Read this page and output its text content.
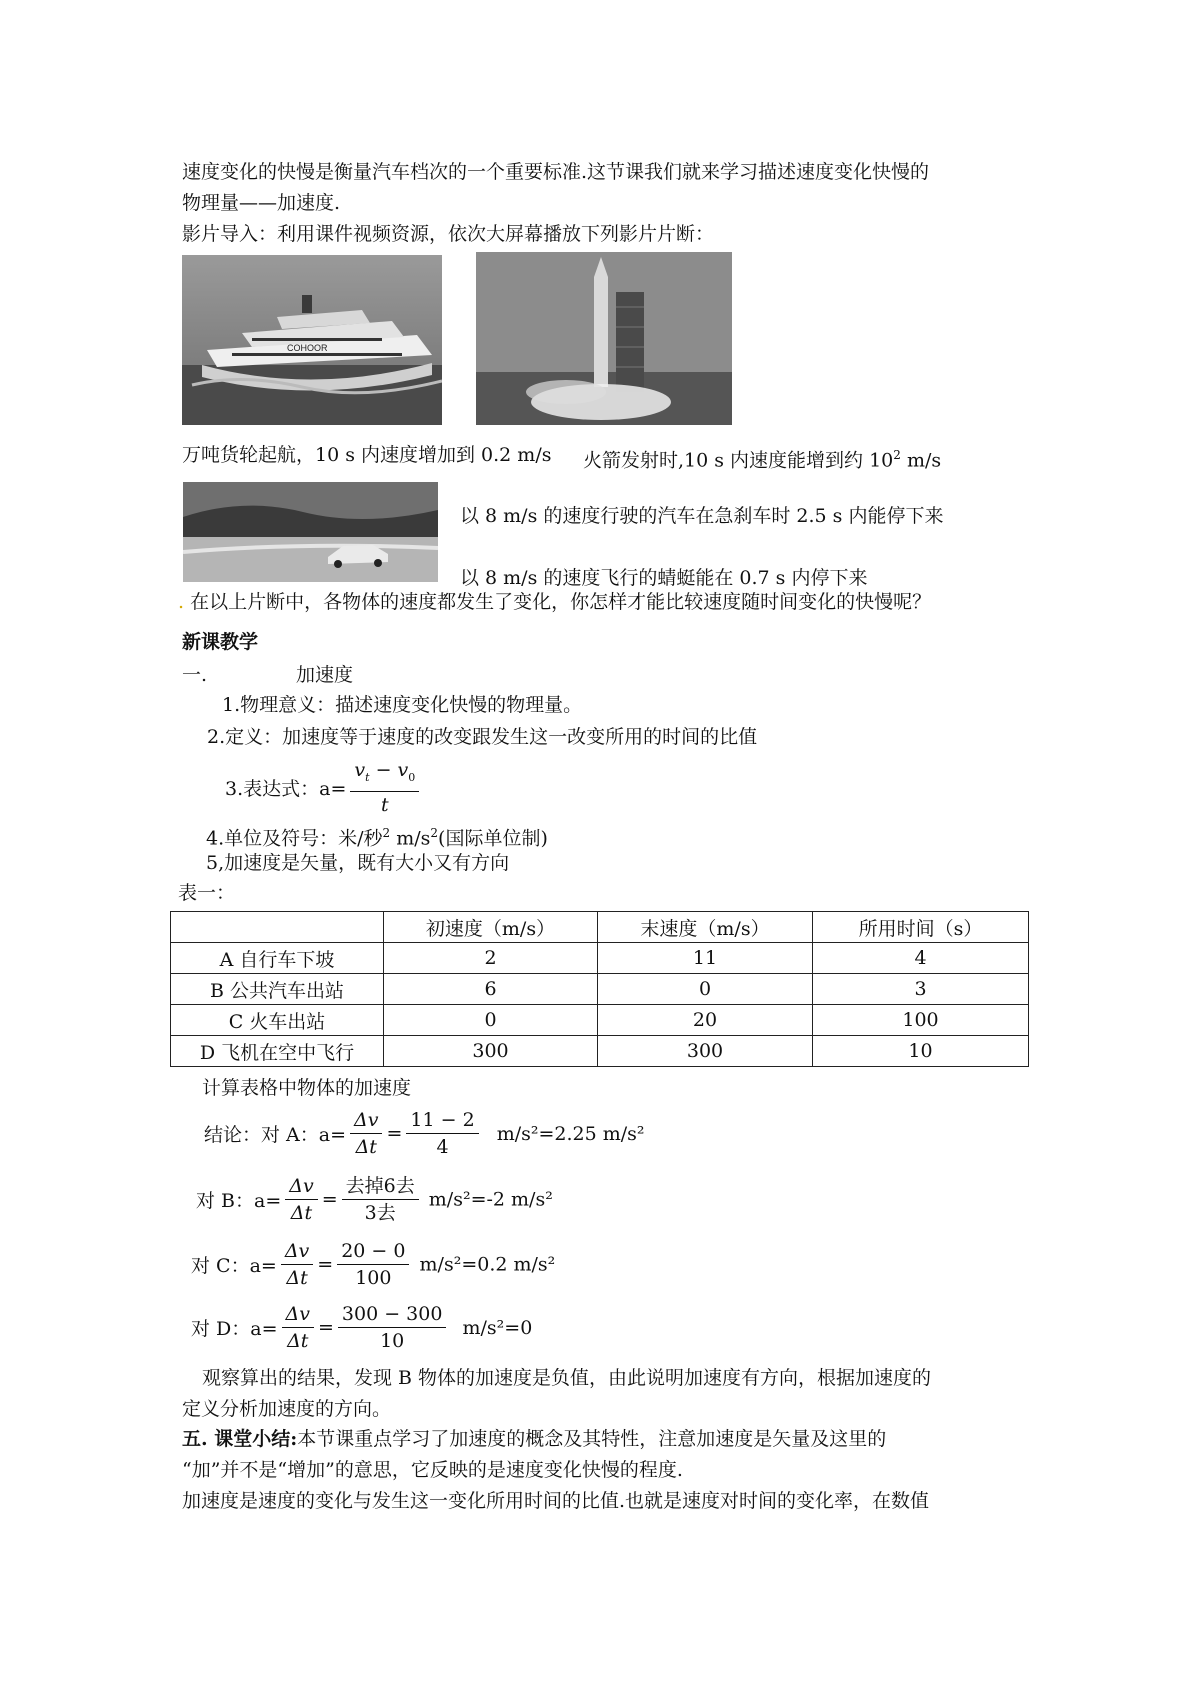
速度变化的快慢是衡量汽车档次的一个重要标准.这节课我们就来学习描述速度变化快慢的
物理量——加速度.
影片导入：利用课件视频资源，依次大屏幕播放下列影片片断：
COHOOR
万吨货轮起航，10 s 内速度增加到 0.2 m/s 火箭发射时,10 s 内速度能增到约 $10^2$ m/s
以 8 m/s 的速度行驶的汽车在急刹车时 2.5 s 内能停下来
以 8 m/s 的速度飞行的蜻蜓能在 0.7 s 内停下来
. 在以上片断中，各物体的速度都发生了变化，你怎样才能比较速度随时间变化的快慢呢？
新课教学
一.	加速度
1.物理意义：描述速度变化快慢的物理量。
2.定义：加速度等于速度的改变跟发生这一改变所用的时间的比值
3.表达式：$a= \frac{v_t - v_0}{t}$
4.单位及符号：米/秒$^2$ $m/s^2$(国际单位制)
5,加速度是矢量，既有大小又有方向
表一：
	初速度（m/s）	末速度（m/s）	所用时间（s）
A 自行车下坡	2	11	4
B 公共汽车出站	6	0	3
C 火车出站	0	20	100
D 飞机在空中飞行	300	300	10
计算表格中物体的加速度
结论：对 A：$a= \frac{\Delta v}{\Delta t} = \frac{11 - 2}{4} m/s^2=2.25$ m/s²
对 B：$a= \frac{\Delta v}{\Delta t} = \frac{\text{去掉6去}}{\text{3去}} m/s^2=-2$ m/s²
对 C：$a= \frac{\Delta v}{\Delta t} = \frac{20 - 0}{100} m/s^2=0.2$ m/s²
对 D：$a= \frac{\Delta v}{\Delta t} = \frac{300 - 300}{10} m/s^2=0$
观察算出的结果，发现 B 物体的加速度是负值，由此说明加速度有方向，根据加速度的
定义分析加速度的方向。
五. 课堂小结:本节课重点学习了加速度的概念及其特性，注意加速度是矢量及这里的
“加”并不是“增加”的意思，它反映的是速度变化快慢的程度.
加速度是速度的变化与发生这一变化所用时间的比值.也就是速度对时间的变化率，在数值
